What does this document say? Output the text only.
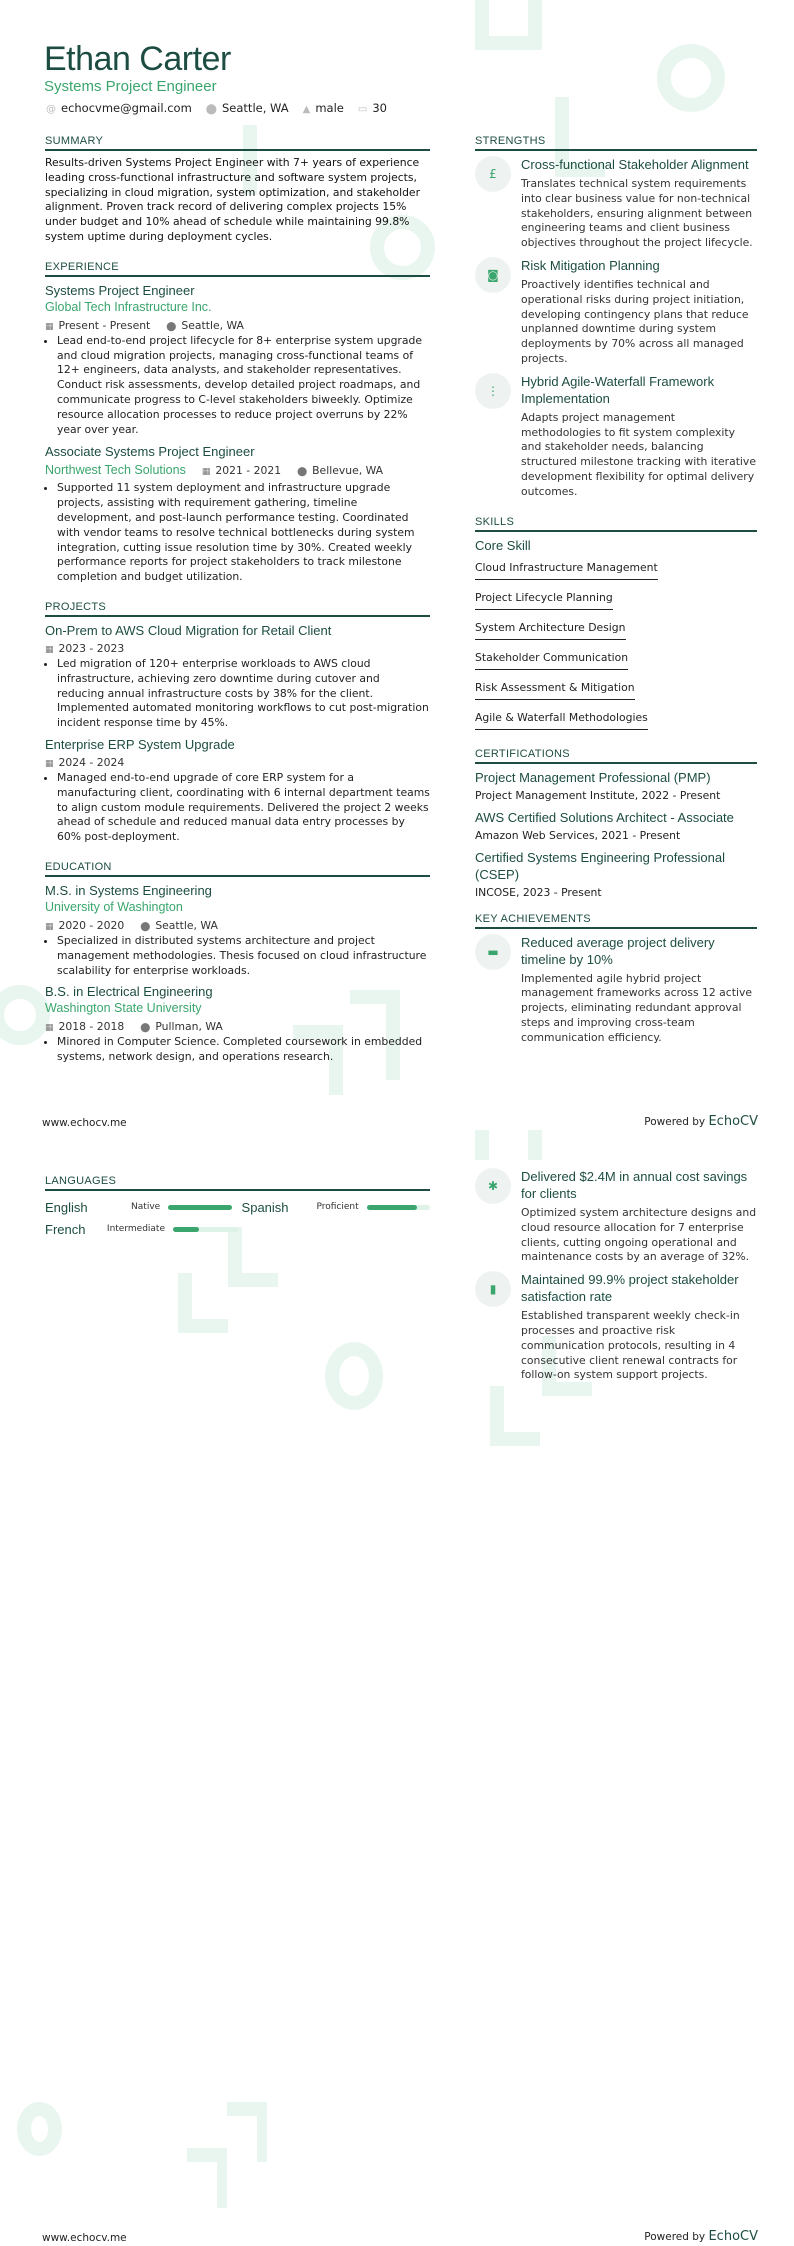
Ethan Carter
Systems Project Engineer
@ echocvme@gmail.com ⬤ Seattle, WA ▲ male ▭ 30
SUMMARY
Results-driven Systems Project Engineer with 7+ years of experience leading cross-functional infrastructure and software system projects, specializing in cloud migration, system optimization, and stakeholder alignment. Proven track record of delivering complex projects 15% under budget and 10% ahead of schedule while maintaining 99.8% system uptime during deployment cycles.
EXPERIENCE
Systems Project Engineer
Global Tech Infrastructure Inc.
▦ Present - Present ⬤ Seattle, WA
• Lead end-to-end project lifecycle for 8+ enterprise system upgrade and cloud migration projects, managing cross-functional teams of 12+ engineers, data analysts, and stakeholder representatives. Conduct risk assessments, develop detailed project roadmaps, and communicate progress to C-level stakeholders biweekly. Optimize resource allocation processes to reduce project overruns by 22% year over year.
Associate Systems Project Engineer
Northwest Tech Solutions ▦ 2021 - 2021 ⬤ Bellevue, WA
• Supported 11 system deployment and infrastructure upgrade projects, assisting with requirement gathering, timeline development, and post-launch performance testing. Coordinated with vendor teams to resolve technical bottlenecks during system integration, cutting issue resolution time by 30%. Created weekly performance reports for project stakeholders to track milestone completion and budget utilization.
PROJECTS
On-Prem to AWS Cloud Migration for Retail Client
▦ 2023 - 2023
• Led migration of 120+ enterprise workloads to AWS cloud infrastructure, achieving zero downtime during cutover and reducing annual infrastructure costs by 38% for the client. Implemented automated monitoring workflows to cut post-migration incident response time by 45%.
Enterprise ERP System Upgrade
▦ 2024 - 2024
• Managed end-to-end upgrade of core ERP system for a manufacturing client, coordinating with 6 internal department teams to align custom module requirements. Delivered the project 2 weeks ahead of schedule and reduced manual data entry processes by 60% post-deployment.
EDUCATION
M.S. in Systems Engineering
University of Washington
▦ 2020 - 2020 ⬤ Seattle, WA
• Specialized in distributed systems architecture and project management methodologies. Thesis focused on cloud infrastructure scalability for enterprise workloads.
B.S. in Electrical Engineering
Washington State University
▦ 2018 - 2018 ⬤ Pullman, WA
• Minored in Computer Science. Completed coursework in embedded systems, network design, and operations research.
STRENGTHS
£
Cross-functional Stakeholder Alignment
Translates technical system requirements into clear business value for non-technical stakeholders, ensuring alignment between engineering teams and client business objectives throughout the project lifecycle.
◙
Risk Mitigation Planning
Proactively identifies technical and operational risks during project initiation, developing contingency plans that reduce unplanned downtime during system deployments by 70% across all managed projects.
⋮
Hybrid Agile-Waterfall Framework Implementation
Adapts project management methodologies to fit system complexity and stakeholder needs, balancing structured milestone tracking with iterative development flexibility for optimal delivery outcomes.
SKILLS
Core Skill
Cloud Infrastructure Management
Project Lifecycle Planning
System Architecture Design
Stakeholder Communication
Risk Assessment & Mitigation
Agile & Waterfall Methodologies
CERTIFICATIONS
Project Management Professional (PMP)
Project Management Institute, 2022 - Present
AWS Certified Solutions Architect - Associate
Amazon Web Services, 2021 - Present
Certified Systems Engineering Professional (CSEP)
INCOSE, 2023 - Present
KEY ACHIEVEMENTS
▬
Reduced average project delivery timeline by 10%
Implemented agile hybrid project management frameworks across 12 active projects, eliminating redundant approval steps and improving cross-team communication efficiency.
www.echocv.me	Powered by EchoCV
LANGUAGES
English	Native	Spanish	Proficient
French	Intermediate
✱
Delivered $2.4M in annual cost savings for clients
Optimized system architecture designs and cloud resource allocation for 7 enterprise clients, cutting ongoing operational and maintenance costs by an average of 32%.
▮
Maintained 99.9% project stakeholder satisfaction rate
Established transparent weekly check-in processes and proactive risk communication protocols, resulting in 4 consecutive client renewal contracts for follow-on system support projects.
www.echocv.me	Powered by EchoCV
